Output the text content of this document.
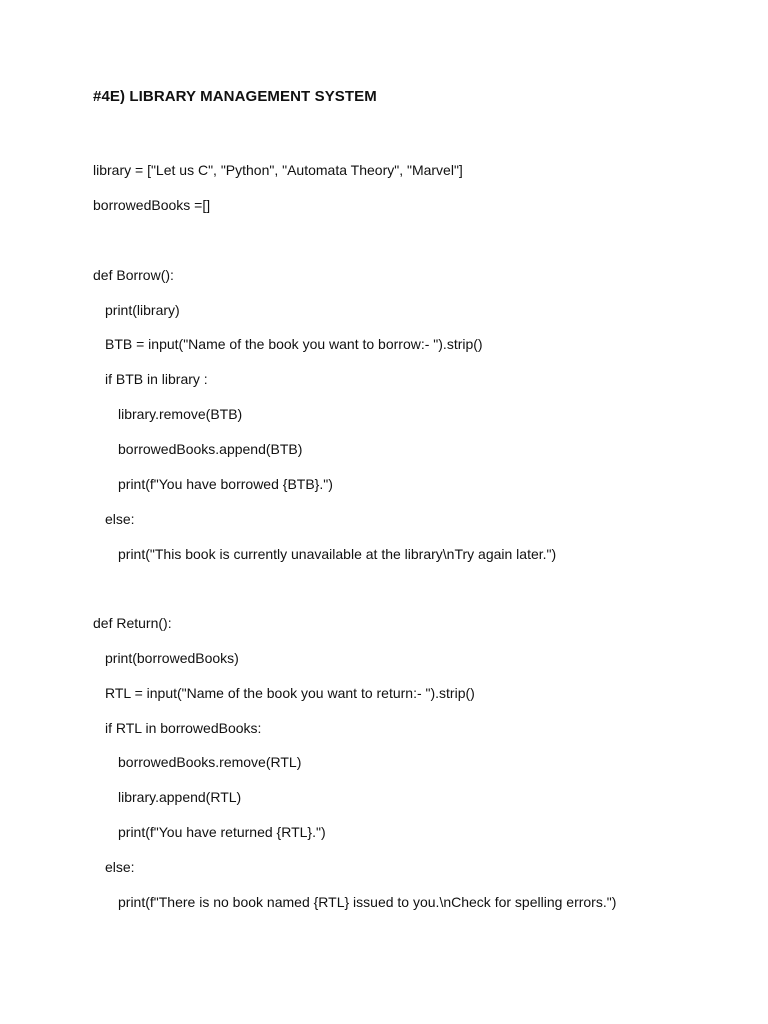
#4E) LIBRARY MANAGEMENT SYSTEM
library = ["Let us C", "Python", "Automata Theory", "Marvel"]
borrowedBooks =[]
def Borrow():
print(library)
BTB = input("Name of the book you want to borrow:- ").strip()
if BTB in library :
library.remove(BTB)
borrowedBooks.append(BTB)
print(f"You have borrowed {BTB}.")
else:
print("This book is currently unavailable at the library\nTry again later.")
def Return():
print(borrowedBooks)
RTL = input("Name of the book you want to return:- ").strip()
if RTL in borrowedBooks:
borrowedBooks.remove(RTL)
library.append(RTL)
print(f"You have returned {RTL}.")
else:
print(f"There is no book named {RTL} issued to you.\nCheck for spelling errors.")
